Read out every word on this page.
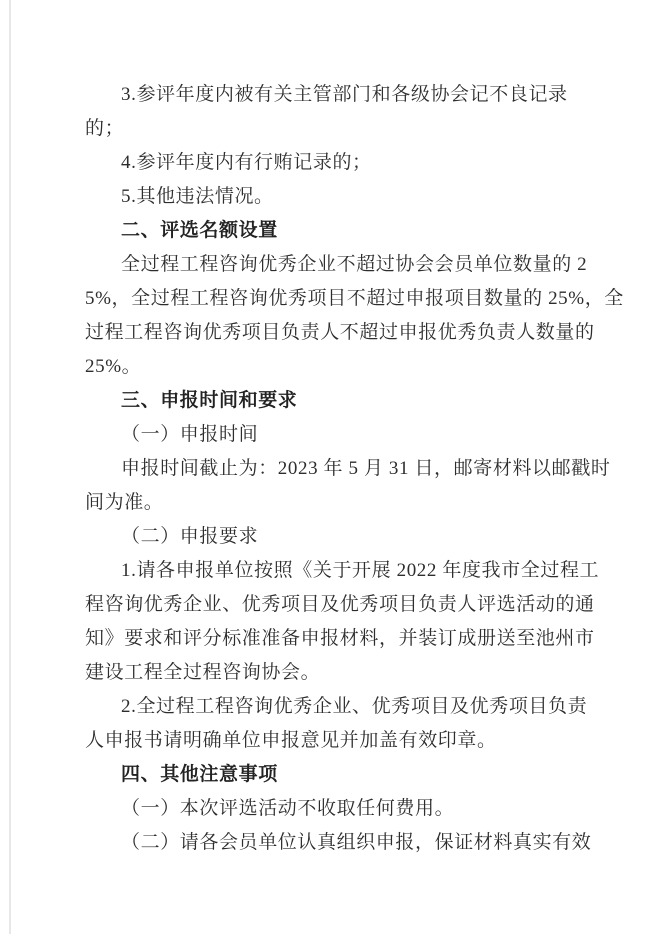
3.参评年度内被有关主管部门和各级协会记不良记录
的；
4.参评年度内有行贿记录的；
5.其他违法情况。
二、评选名额设置
全过程工程咨询优秀企业不超过协会会员单位数量的 2
5%，全过程工程咨询优秀项目不超过申报项目数量的 25%，全
过程工程咨询优秀项目负责人不超过申报优秀负责人数量的
25%。
三、申报时间和要求
（一）申报时间
申报时间截止为：2023 年 5 月 31 日，邮寄材料以邮戳时
间为准。
（二）申报要求
1.请各申报单位按照《关于开展 2022 年度我市全过程工
程咨询优秀企业、优秀项目及优秀项目负责人评选活动的通
知》要求和评分标准准备申报材料，并装订成册送至池州市
建设工程全过程咨询协会。
2.全过程工程咨询优秀企业、优秀项目及优秀项目负责
人申报书请明确单位申报意见并加盖有效印章。
四、其他注意事项
（一）本次评选活动不收取任何费用。
（二）请各会员单位认真组织申报，保证材料真实有效
